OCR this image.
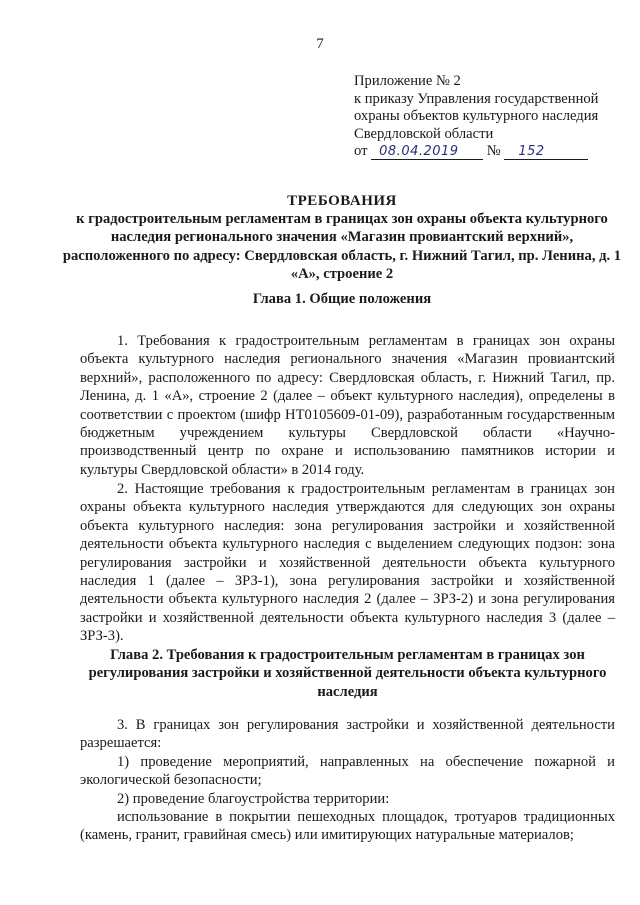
7
Приложение № 2
к приказу Управления государственной
охраны объектов культурного наследия
Свердловской области
от 08.04.2019 № 152
ТРЕБОВАНИЯ
к градостроительным регламентам в границах зон охраны объекта культурного наследия регионального значения «Магазин провиантский верхний», расположенного по адресу: Свердловская область, г. Нижний Тагил, пр. Ленина, д. 1 «А», строение 2
Глава 1. Общие положения

1. Требования к градостроительным регламентам в границах зон охраны объекта культурного наследия регионального значения «Магазин провиантский верхний», расположенного по адресу: Свердловская область, г. Нижний Тагил, пр. Ленина, д. 1 «А», строение 2 (далее – объект культурного наследия), определены в соответствии с проектом (шифр НТ0105609-01-09), разработанным государственным бюджетным учреждением культуры Свердловской области «Научно-производственный центр по охране и использованию памятников истории и культуры Свердловской области» в 2014 году.

2. Настоящие требования к градостроительным регламентам в границах зон охраны объекта культурного наследия утверждаются для следующих зон охраны объекта культурного наследия: зона регулирования застройки и хозяйственной деятельности объекта культурного наследия с выделением следующих подзон: зона регулирования застройки и хозяйственной деятельности объекта культурного наследия 1 (далее – ЗРЗ-1), зона регулирования застройки и хозяйственной деятельности объекта культурного наследия 2 (далее – ЗРЗ-2) и зона регулирования застройки и хозяйственной деятельности объекта культурного наследия 3 (далее – ЗРЗ-3).

Глава 2. Требования к градостроительным регламентам в границах зон регулирования застройки и хозяйственной деятельности объекта культурного наследия

3. В границах зон регулирования застройки и хозяйственной деятельности разрешается:

1) проведение мероприятий, направленных на обеспечение пожарной и экологической безопасности;

2) проведение благоустройства территории:

использование в покрытии пешеходных площадок, тротуаров традиционных (камень, гранит, гравийная смесь) или имитирующих натуральные материалов;
